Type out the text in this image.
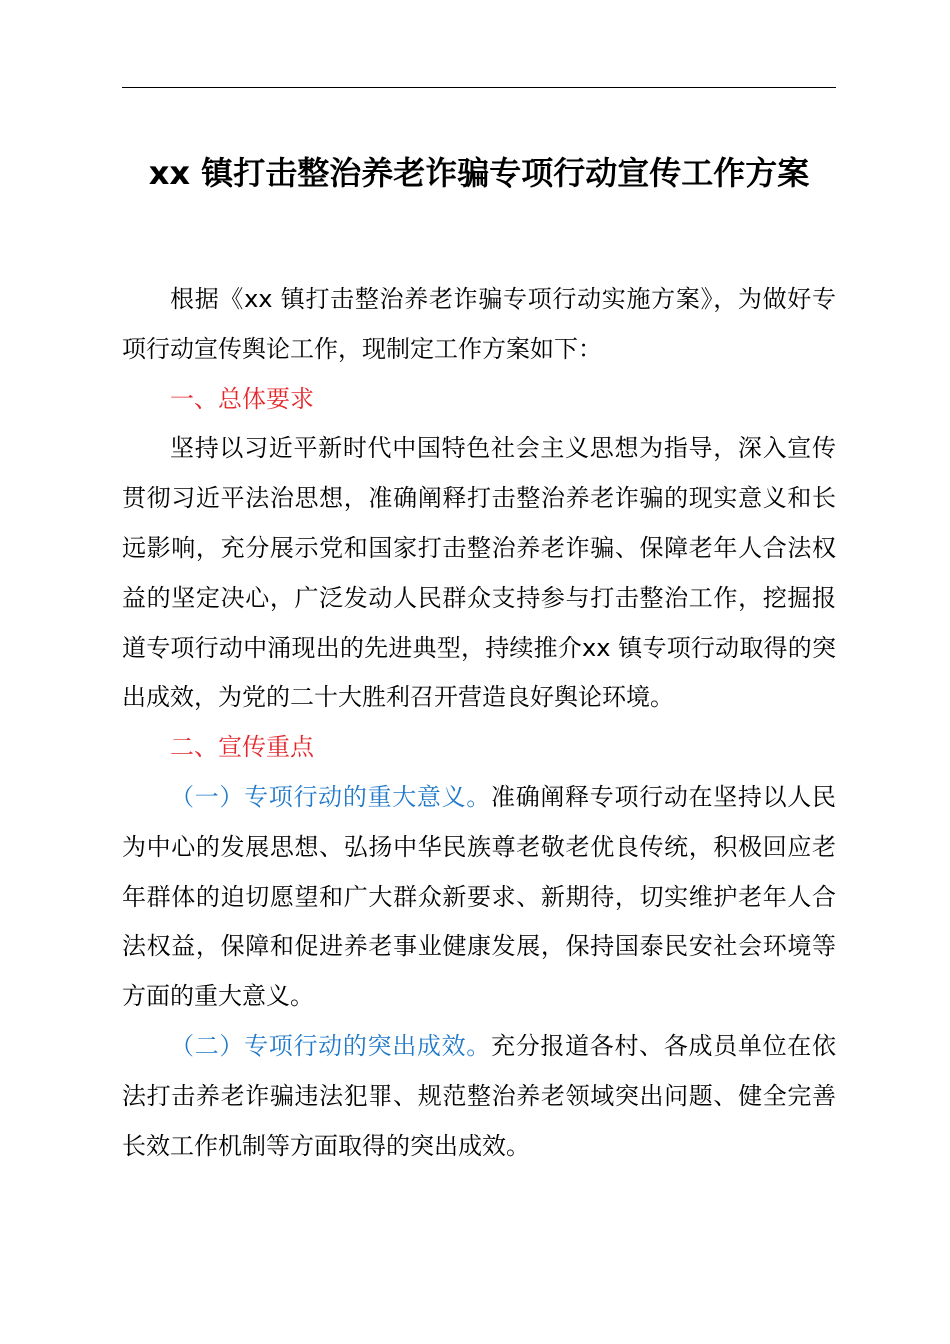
xx 镇打击整治养老诈骗专项行动宣传工作方案

根据《xx 镇打击整治养老诈骗专项行动实施方案》，为做好专项行动宣传舆论工作，现制定工作方案如下：

一、总体要求

坚持以习近平新时代中国特色社会主义思想为指导，深入宣传贯彻习近平法治思想，准确阐释打击整治养老诈骗的现实意义和长远影响，充分展示党和国家打击整治养老诈骗、保障老年人合法权益的坚定决心，广泛发动人民群众支持参与打击整治工作，挖掘报道专项行动中涌现出的先进典型，持续推介xx 镇专项行动取得的突出成效，为党的二十大胜利召开营造良好舆论环境。

二、宣传重点

（一）专项行动的重大意义。准确阐释专项行动在坚持以人民为中心的发展思想、弘扬中华民族尊老敬老优良传统，积极回应老年群体的迫切愿望和广大群众新要求、新期待，切实维护老年人合法权益，保障和促进养老事业健康发展，保持国泰民安社会环境等方面的重大意义。

（二）专项行动的突出成效。充分报道各村、各成员单位在依法打击养老诈骗违法犯罪、规范整治养老领域突出问题、健全完善长效工作机制等方面取得的突出成效。
